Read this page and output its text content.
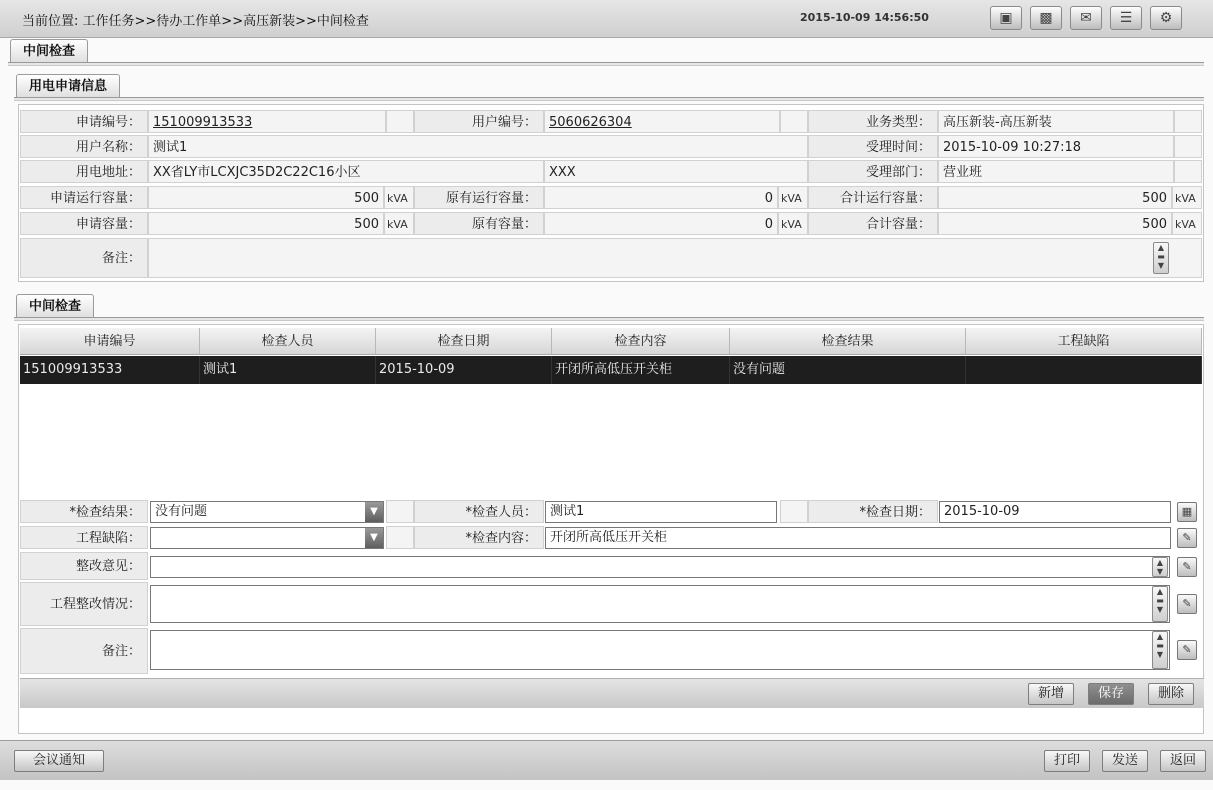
当前位置: 工作任务>>待办工作单>>高压新装>>中间检查	2015-10-09 14:56:50	▣	▩	✉	☰	⚙
中间检查
用电申请信息
申请编号： 151009913533	用户编号： 5060626304	业务类型： 高压新装-高压新装
用户名称： 测试1	受理时间： 2015-10-09 10:27:18
用电地址： XX省LY市LCXJC35D2C22C16小区	XXX	受理部门： 营业班
申请运行容量：	500 kVA	原有运行容量：	0 kVA	合计运行容量：	500 kVA
申请容量：	500 kVA	原有容量：	0 kVA	合计容量：	500 kVA
备注：
▲
▬
▼
中间检查
申请编号	检查人员	检查日期	检查内容	检查结果	工程缺陷
151009913533	测试1	2015-10-09	开闭所高低压开关柜	没有问题
*检查结果：	没有问题	▼	*检查人员：	测试1	*检查日期：	2015-10-09	▦
工程缺陷：	▼	*检查内容：	开闭所高低压开关柜	✎
整改意见：	▲
▼	✎
工程整改情况：
▲
▬
▼	✎
备注：
▲
▬
▼	✎
新增	保存	删除
会议通知	打印	发送	返回
